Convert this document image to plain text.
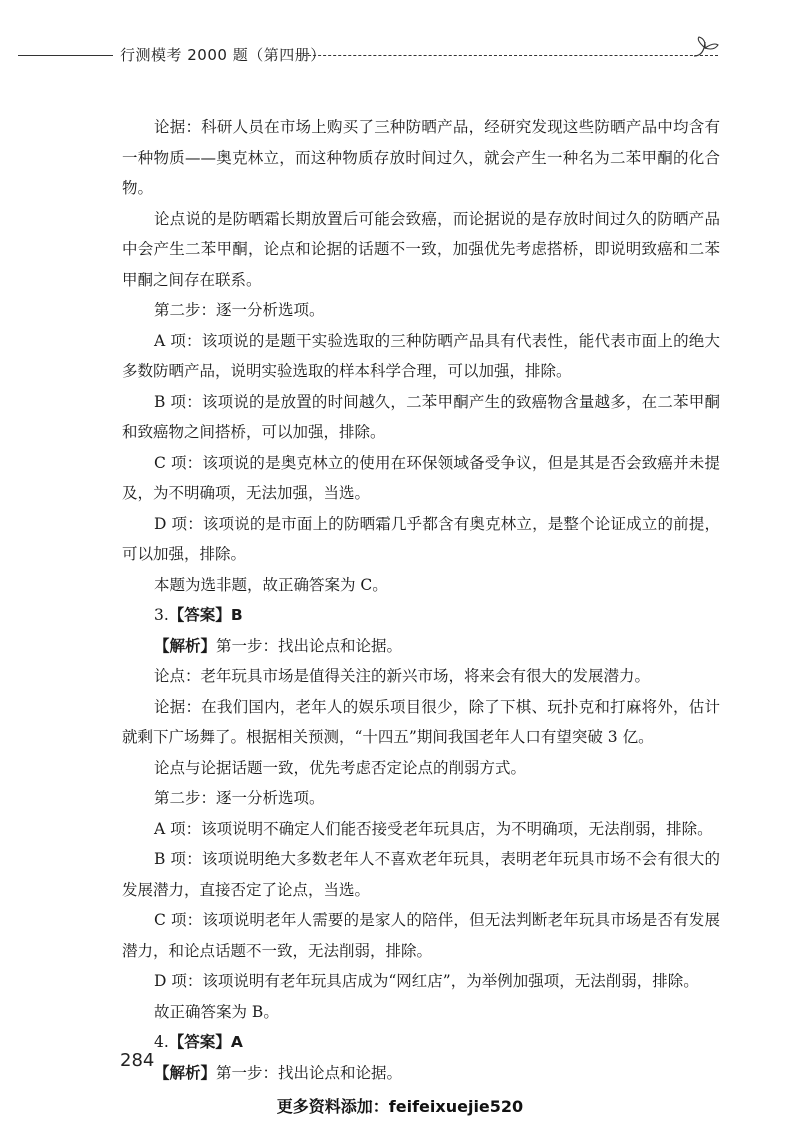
行测模考 2000 题（第四册）

论据：科研人员在市场上购买了三种防晒产品，经研究发现这些防晒产品中均含有一种物质——奥克林立，而这种物质存放时间过久，就会产生一种名为二苯甲酮的化合物。

论点说的是防晒霜长期放置后可能会致癌，而论据说的是存放时间过久的防晒产品中会产生二苯甲酮，论点和论据的话题不一致，加强优先考虑搭桥，即说明致癌和二苯甲酮之间存在联系。

第二步：逐一分析选项。

A 项：该项说的是题干实验选取的三种防晒产品具有代表性，能代表市面上的绝大多数防晒产品，说明实验选取的样本科学合理，可以加强，排除。

B 项：该项说的是放置的时间越久，二苯甲酮产生的致癌物含量越多，在二苯甲酮和致癌物之间搭桥，可以加强，排除。

C 项：该项说的是奥克林立的使用在环保领域备受争议，但是其是否会致癌并未提及，为不明确项，无法加强，当选。

D 项：该项说的是市面上的防晒霜几乎都含有奥克林立，是整个论证成立的前提，可以加强，排除。

本题为选非题，故正确答案为 C。

3.【答案】B

【解析】第一步：找出论点和论据。

论点：老年玩具市场是值得关注的新兴市场，将来会有很大的发展潜力。

论据：在我们国内，老年人的娱乐项目很少，除了下棋、玩扑克和打麻将外，估计就剩下广场舞了。根据相关预测，“十四五”期间我国老年人口有望突破 3 亿。

论点与论据话题一致，优先考虑否定论点的削弱方式。

第二步：逐一分析选项。

A 项：该项说明不确定人们能否接受老年玩具店，为不明确项，无法削弱，排除。

B 项：该项说明绝大多数老年人不喜欢老年玩具，表明老年玩具市场不会有很大的发展潜力，直接否定了论点，当选。

C 项：该项说明老年人需要的是家人的陪伴，但无法判断老年玩具市场是否有发展潜力，和论点话题不一致，无法削弱，排除。

D 项：该项说明有老年玩具店成为“网红店”，为举例加强项，无法削弱，排除。

故正确答案为 B。

4.【答案】A

【解析】第一步：找出论点和论据。

284
更多资料添加：feifeixuejie520
